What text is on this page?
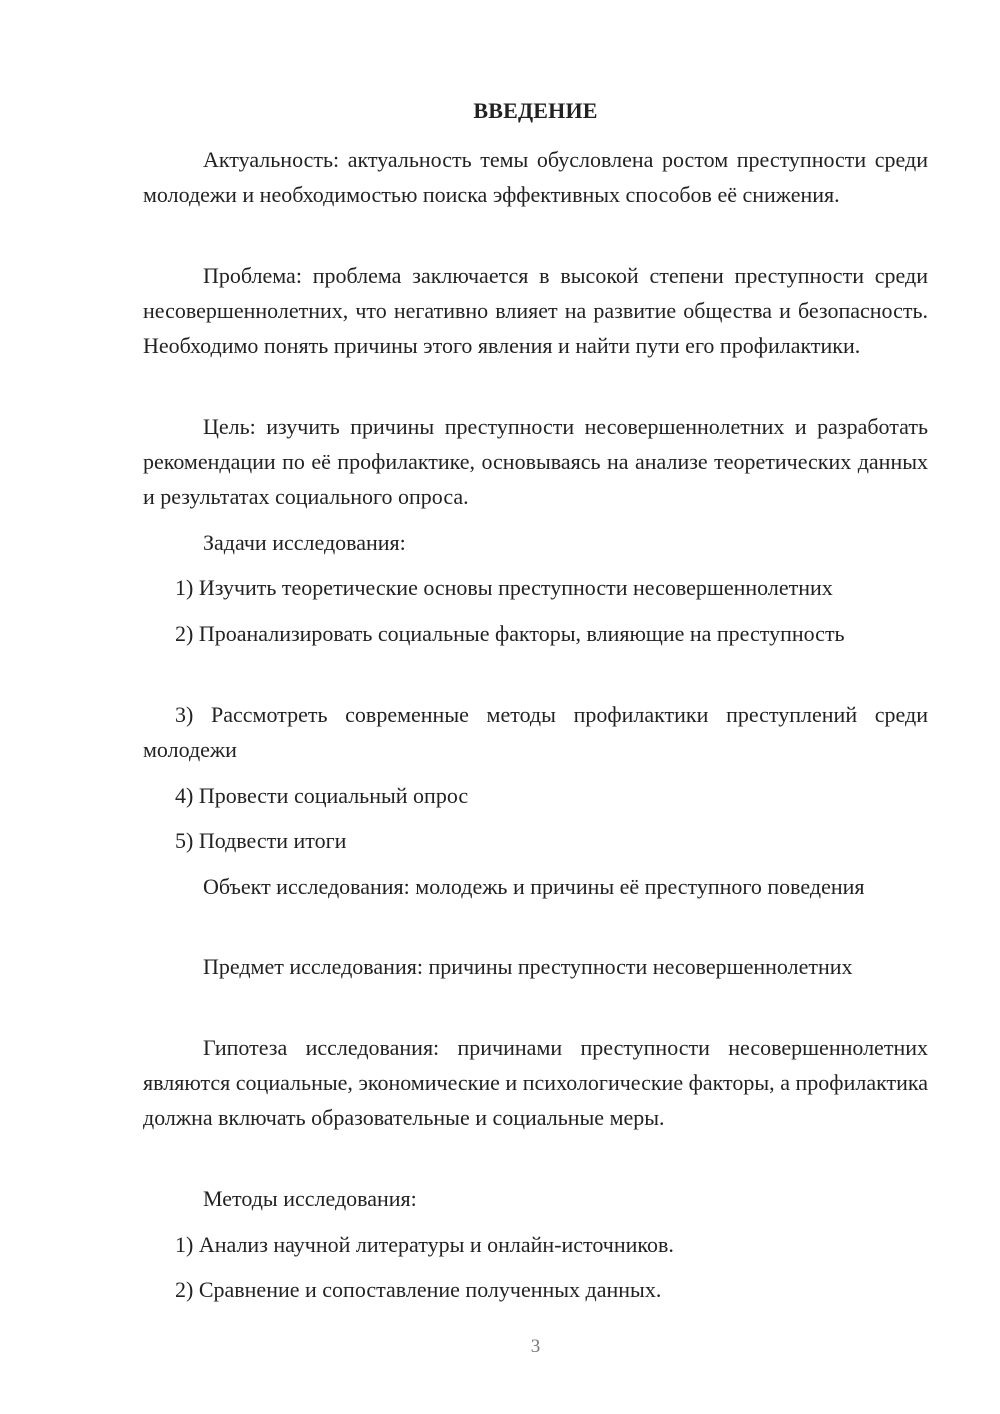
ВВЕДЕНИЕ

Актуальность: актуальность темы обусловлена ростом преступности среди молодежи и необходимостью поиска эффективных способов её снижения.

Проблема: проблема заключается в высокой степени преступности среди несовершеннолетних, что негативно влияет на развитие общества и безопасность. Необходимо понять причины этого явления и найти пути его профилактики.

Цель: изучить причины преступности несовершеннолетних и разработать рекомендации по её профилактике, основываясь на анализе теоретических данных и результатах социального опроса.

Задачи исследования:

1) Изучить теоретические основы преступности несовершеннолетних

2) Проанализировать социальные факторы, влияющие на преступность

3) Рассмотреть современные методы профилактики преступлений среди молодежи

4) Провести социальный опрос

5) Подвести итоги

Объект исследования: молодежь и причины её преступного поведения

Предмет исследования: причины преступности несовершеннолетних

Гипотеза исследования: причинами преступности несовершеннолетних являются социальные, экономические и психологические факторы, а профилактика должна включать образовательные и социальные меры.

Методы исследования:

1) Анализ научной литературы и онлайн-источников.

2) Сравнение и сопоставление полученных данных.

3
